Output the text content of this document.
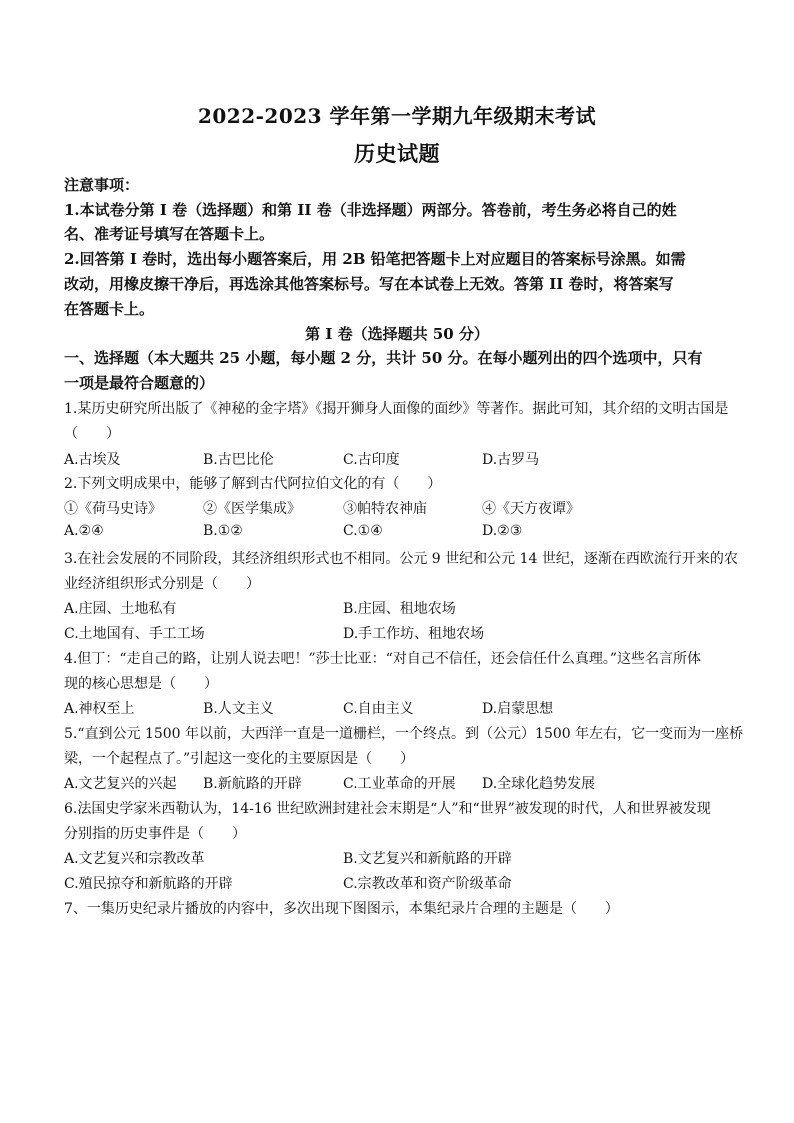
2022-2023 学年第一学期九年级期末考试
历史试题
注意事项：
1.本试卷分第 I 卷（选择题）和第 II 卷（非选择题）两部分。答卷前，考生务必将自己的姓
名、准考证号填写在答题卡上。
2.回答第 I 卷时，选出每小题答案后，用 2B 铅笔把答题卡上对应题目的答案标号涂黑。如需
改动，用橡皮擦干净后，再选涂其他答案标号。写在本试卷上无效。答第 II 卷时，将答案写
在答题卡上。
第 I 卷（选择题共 50 分）
一、选择题（本大题共 25 小题，每小题 2 分，共计 50 分。在每小题列出的四个选项中，只有
一项是最符合题意的）
1.某历史研究所出版了《神秘的金字塔》《揭开狮身人面像的面纱》等著作。据此可知，其介绍的文明古国是
（　　）
A.古埃及	B.古巴比伦	C.古印度	D.古罗马
2.下列文明成果中，能够了解到古代阿拉伯文化的有（　　）
①《荷马史诗》	②《医学集成》	③帕特农神庙	④《天方夜谭》
A.②④	B.①②	C.①④	D.②③
3.在社会发展的不同阶段，其经济组织形式也不相同。公元 9 世纪和公元 14 世纪，逐渐在西欧流行开来的农
业经济组织形式分别是（　　）
A.庄园、土地私有	B.庄园、租地农场
C.土地国有、手工工场	D.手工作坊、租地农场
4.但丁：“走自己的路，让别人说去吧！”莎士比亚：“对自己不信任，还会信任什么真理。”这些名言所体
现的核心思想是（　　）
A.神权至上	B.人文主义	C.自由主义	D.启蒙思想
5.“直到公元 1500 年以前，大西洋一直是一道栅栏，一个终点。到（公元）1500 年左右，它一变而为一座桥
梁，一个起程点了。”引起这一变化的主要原因是（　　）
A.文艺复兴的兴起 B.新航路的开辟	C.工业革命的开展 D.全球化趋势发展
6.法国史学家米西勒认为，14-16 世纪欧洲封建社会末期是“人”和“世界”被发现的时代，人和世界被发现
分别指的历史事件是（　　）
A.文艺复兴和宗教改革	B.文艺复兴和新航路的开辟
C.殖民掠夺和新航路的开辟	C.宗教改革和资产阶级革命
7、一集历史纪录片播放的内容中，多次出现下图图示，本集纪录片合理的主题是（　　）
